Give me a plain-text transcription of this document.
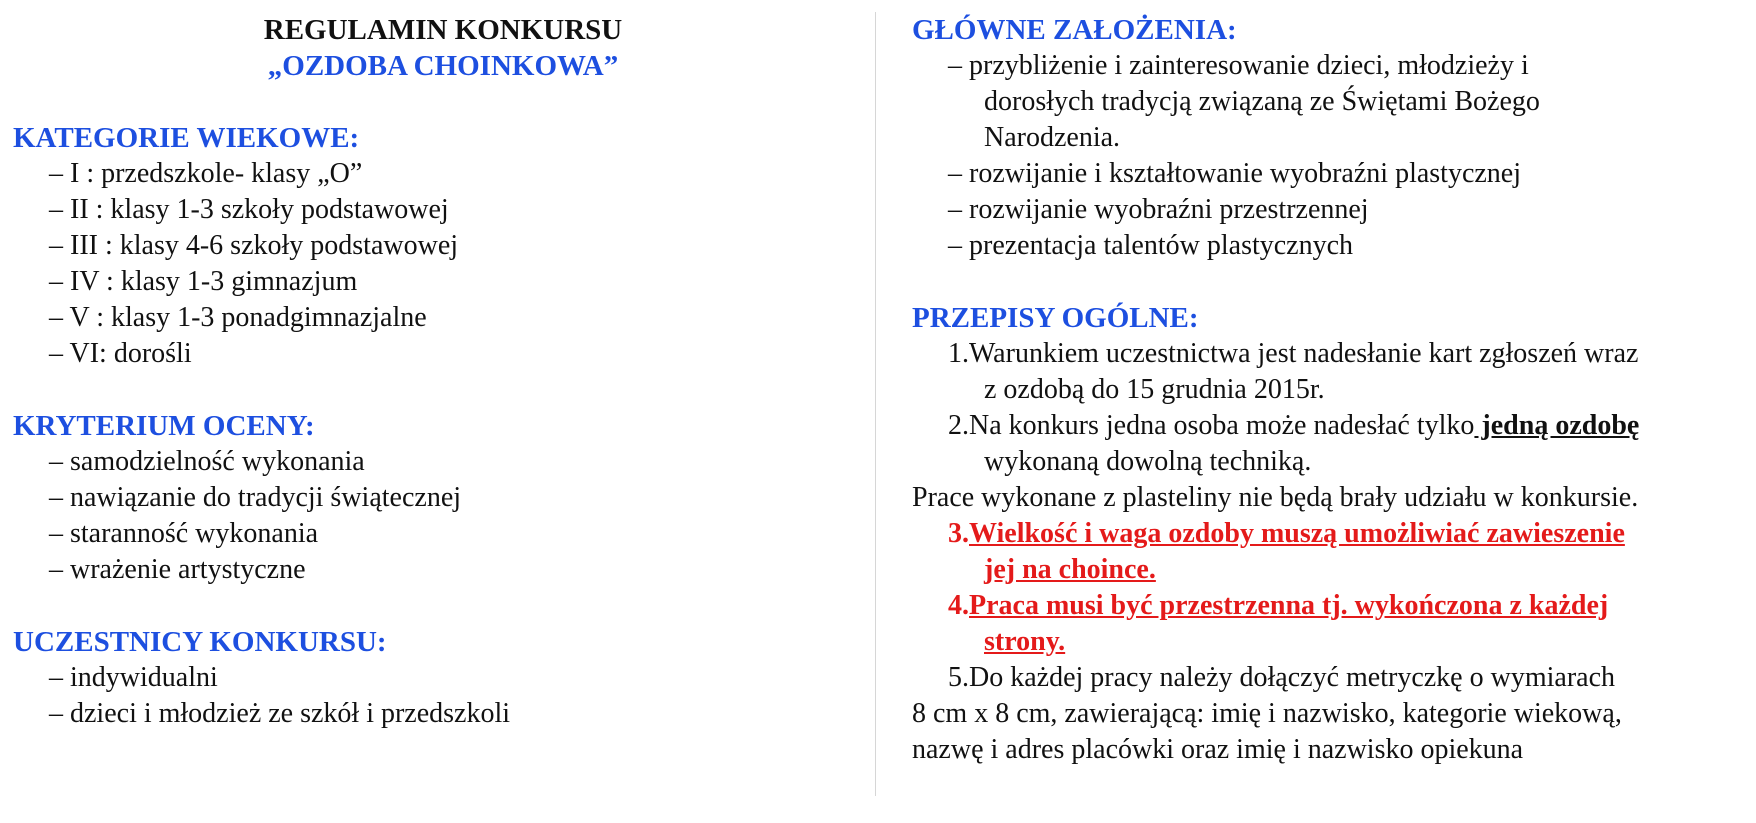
REGULAMIN KONKURSU
„OZDOBA CHOINKOWA”
KATEGORIE WIEKOWE:
– I : przedszkole- klasy „O”
– II : klasy 1-3 szkoły podstawowej
– III : klasy 4-6 szkoły podstawowej
– IV : klasy 1-3 gimnazjum
– V : klasy 1-3 ponadgimnazjalne
– VI: dorośli
KRYTERIUM OCENY:
– samodzielność wykonania
– nawiązanie do tradycji świątecznej
– staranność wykonania
– wrażenie artystyczne
UCZESTNICY KONKURSU:
– indywidualni
– dzieci i młodzież ze szkół i przedszkoli
GŁÓWNE ZAŁOŻENIA:
– przybliżenie i zainteresowanie dzieci, młodzieży i
dorosłych tradycją związaną ze Świętami Bożego
Narodzenia.
– rozwijanie i kształtowanie wyobraźni plastycznej
– rozwijanie wyobraźni przestrzennej
– prezentacja talentów plastycznych
PRZEPISY OGÓLNE:
1.Warunkiem uczestnictwa jest nadesłanie kart zgłoszeń wraz
z ozdobą do 15 grudnia 2015r.
2.Na konkurs jedna osoba może nadesłać tylko jedną ozdobę
wykonaną dowolną techniką.
Prace wykonane z plasteliny nie będą brały udziału w konkursie.
3.Wielkość i waga ozdoby muszą umożliwiać zawieszenie
jej na choince.
4.Praca musi być przestrzenna tj. wykończona z każdej
strony.
5.Do każdej pracy należy dołączyć metryczkę o wymiarach
8 cm x 8 cm, zawierającą: imię i nazwisko, kategorie wiekową,
nazwę i adres placówki oraz imię i nazwisko opiekuna
